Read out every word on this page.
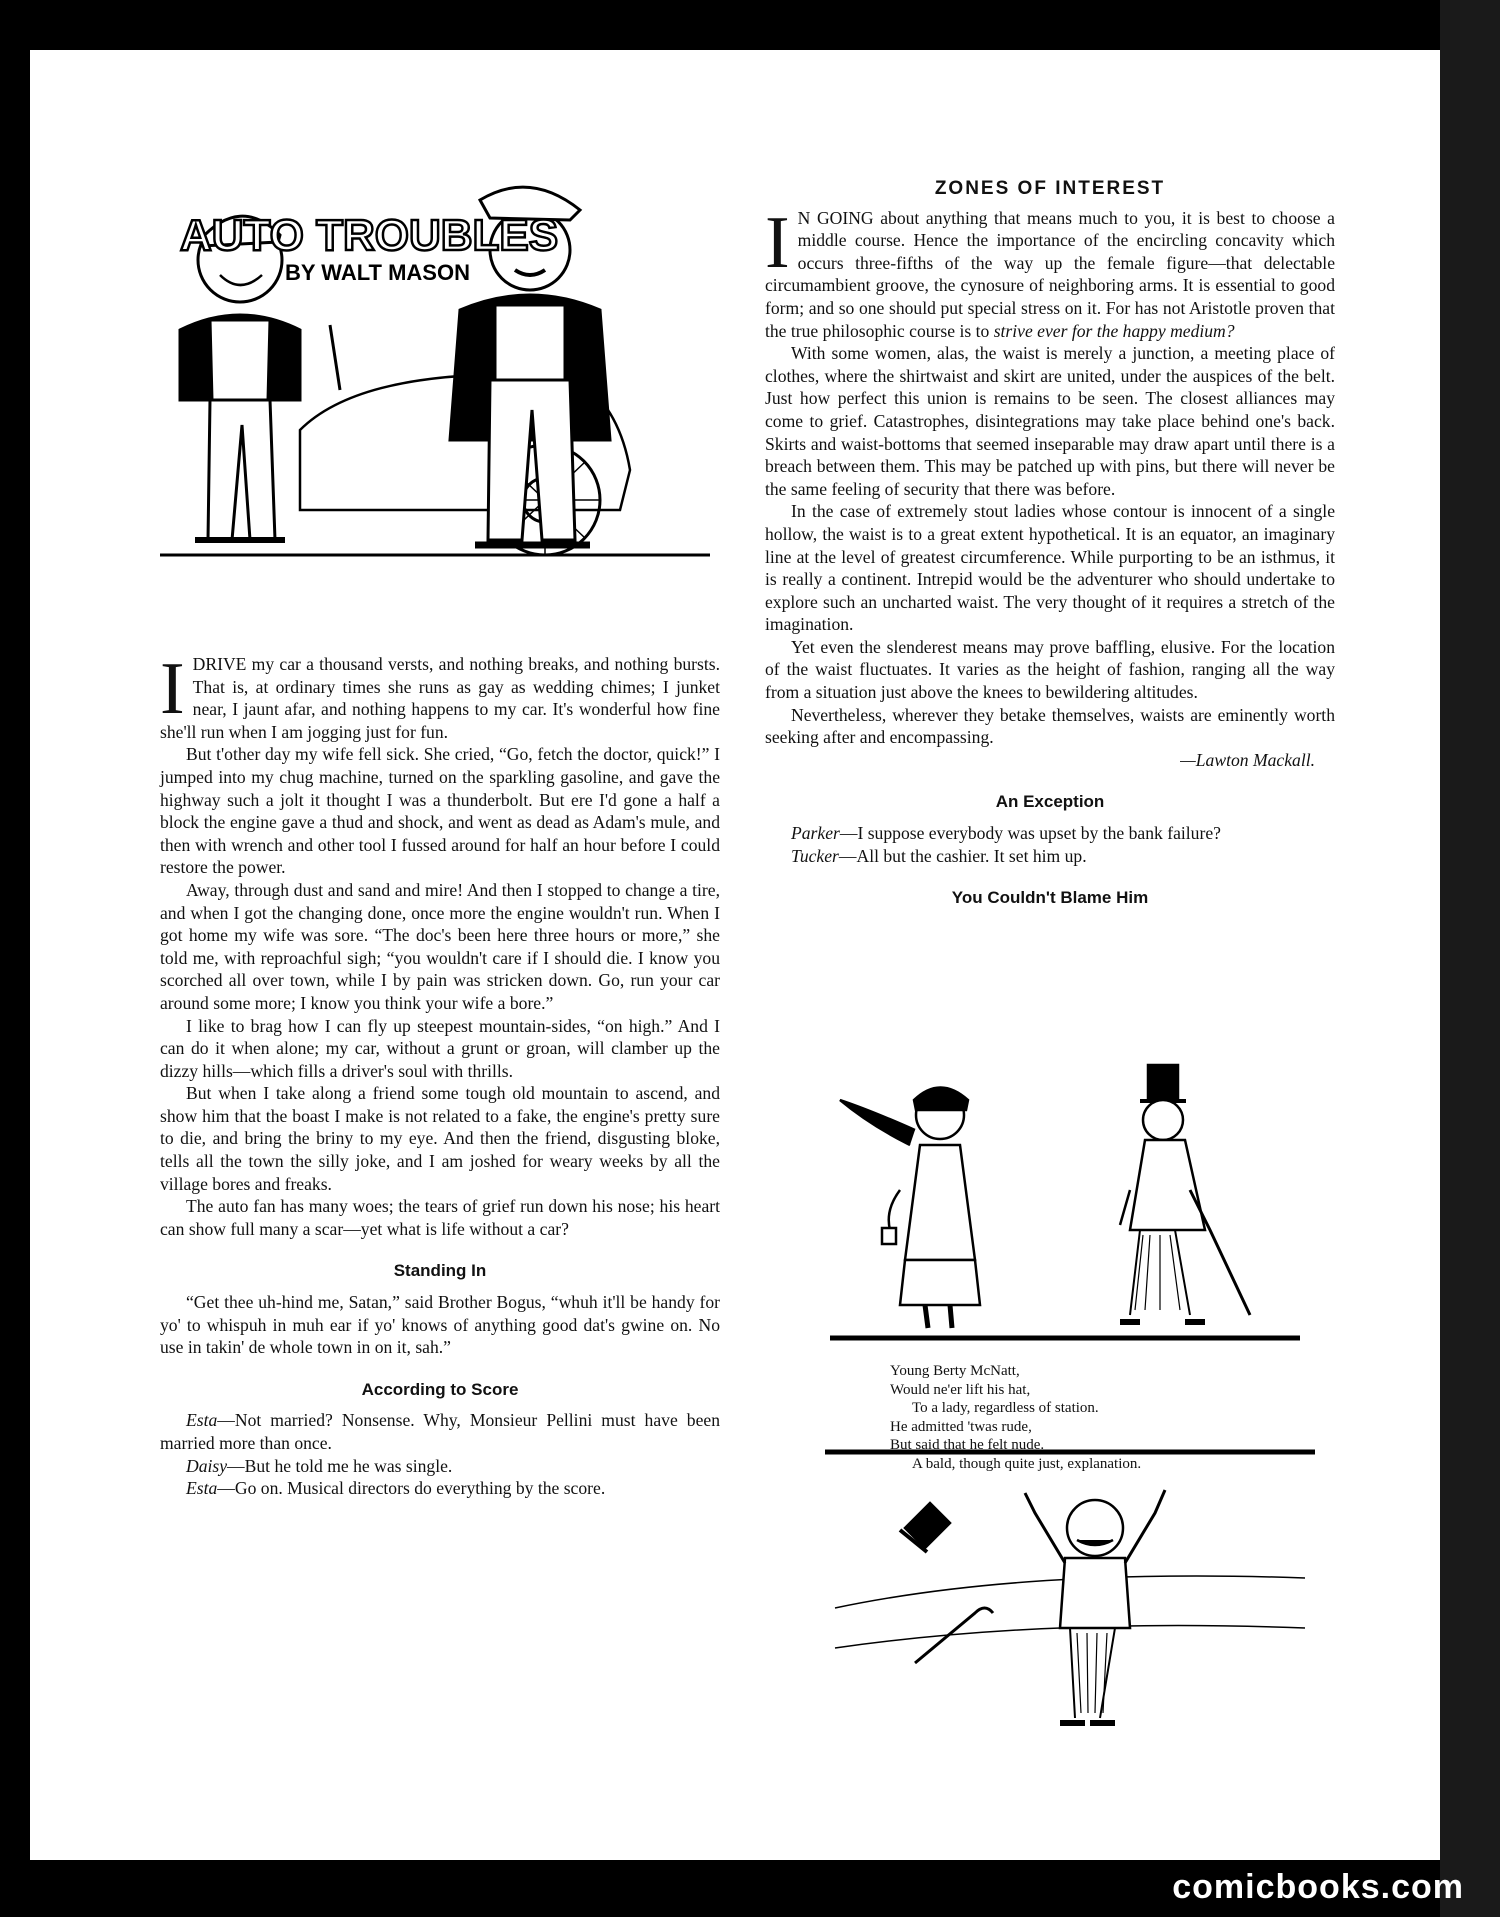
AUTO TROUBLES
BY WALT MASON

IDRIVE my car a thousand versts, and nothing breaks, and nothing bursts. That is, at ordinary times she runs as gay as wedding chimes; I junket near, I jaunt afar, and nothing happens to my car. It's wonderful how fine she'll run when I am jogging just for fun.

But t'other day my wife fell sick. She cried, “Go, fetch the doctor, quick!” I jumped into my chug machine, turned on the sparkling gasoline, and gave the highway such a jolt it thought I was a thunderbolt. But ere I'd gone a half a block the engine gave a thud and shock, and went as dead as Adam's mule, and then with wrench and other tool I fussed around for half an hour before I could restore the power.

Away, through dust and sand and mire! And then I stopped to change a tire, and when I got the changing done, once more the engine wouldn't run. When I got home my wife was sore. “The doc's been here three hours or more,” she told me, with reproachful sigh; “you wouldn't care if I should die. I know you scorched all over town, while I by pain was stricken down. Go, run your car around some more; I know you think your wife a bore.”

I like to brag how I can fly up steepest mountain-sides, “on high.” And I can do it when alone; my car, without a grunt or groan, will clamber up the dizzy hills—which fills a driver's soul with thrills.

But when I take along a friend some tough old mountain to ascend, and show him that the boast I make is not related to a fake, the engine's pretty sure to die, and bring the briny to my eye. And then the friend, disgusting bloke, tells all the town the silly joke, and I am joshed for weary weeks by all the village bores and freaks.

The auto fan has many woes; the tears of grief run down his nose; his heart can show full many a scar—yet what is life without a car?

Standing In

“Get thee uh-hind me, Satan,” said Brother Bogus, “whuh it'll be handy for yo' to whispuh in muh ear if yo' knows of anything good dat's gwine on. No use in takin' de whole town in on it, sah.”

According to Score

Esta—Not married? Nonsense. Why, Monsieur Pellini must have been married more than once.

Daisy—But he told me he was single.

Esta—Go on. Musical directors do everything by the score.

ZONES OF INTEREST

I N GOING about anything that means much to you, it is best to choose a middle course. Hence the importance of the encircling concavity which occurs three-fifths of the way up the female figure—that delectable circumambient groove, the cynosure of neighboring arms. It is essential to good form; and so one should put special stress on it. For has not Aristotle proven that the true philosophic course is to strive ever for the happy medium?

With some women, alas, the waist is merely a junction, a meeting place of clothes, where the shirtwaist and skirt are united, under the auspices of the belt. Just how perfect this union is remains to be seen. The closest alliances may come to grief. Catastrophes, disintegrations may take place behind one's back. Skirts and waist-bottoms that seemed inseparable may draw apart until there is a breach between them. This may be patched up with pins, but there will never be the same feeling of security that there was before.

In the case of extremely stout ladies whose contour is innocent of a single hollow, the waist is to a great extent hypothetical. It is an equator, an imaginary line at the level of greatest circumference. While purporting to be an isthmus, it is really a continent. Intrepid would be the adventurer who should undertake to explore such an uncharted waist. The very thought of it requires a stretch of the imagination.

Yet even the slenderest means may prove baffling, elusive. For the location of the waist fluctuates. It varies as the height of fashion, ranging all the way from a situation just above the knees to bewildering altitudes.

Nevertheless, wherever they betake themselves, waists are eminently worth seeking after and encompassing.

—Lawton Mackall.
An Exception

Parker—I suppose everybody was upset by the bank failure?

Tucker—All but the cashier. It set him up.

You Couldn't Blame Him
Young Berty McNatt,
Would ne'er lift his hat,
To a lady, regardless of station.
He admitted 'twas rude,
But said that he felt nude.
A bald, though quite just, explanation.
comicbooks.com
